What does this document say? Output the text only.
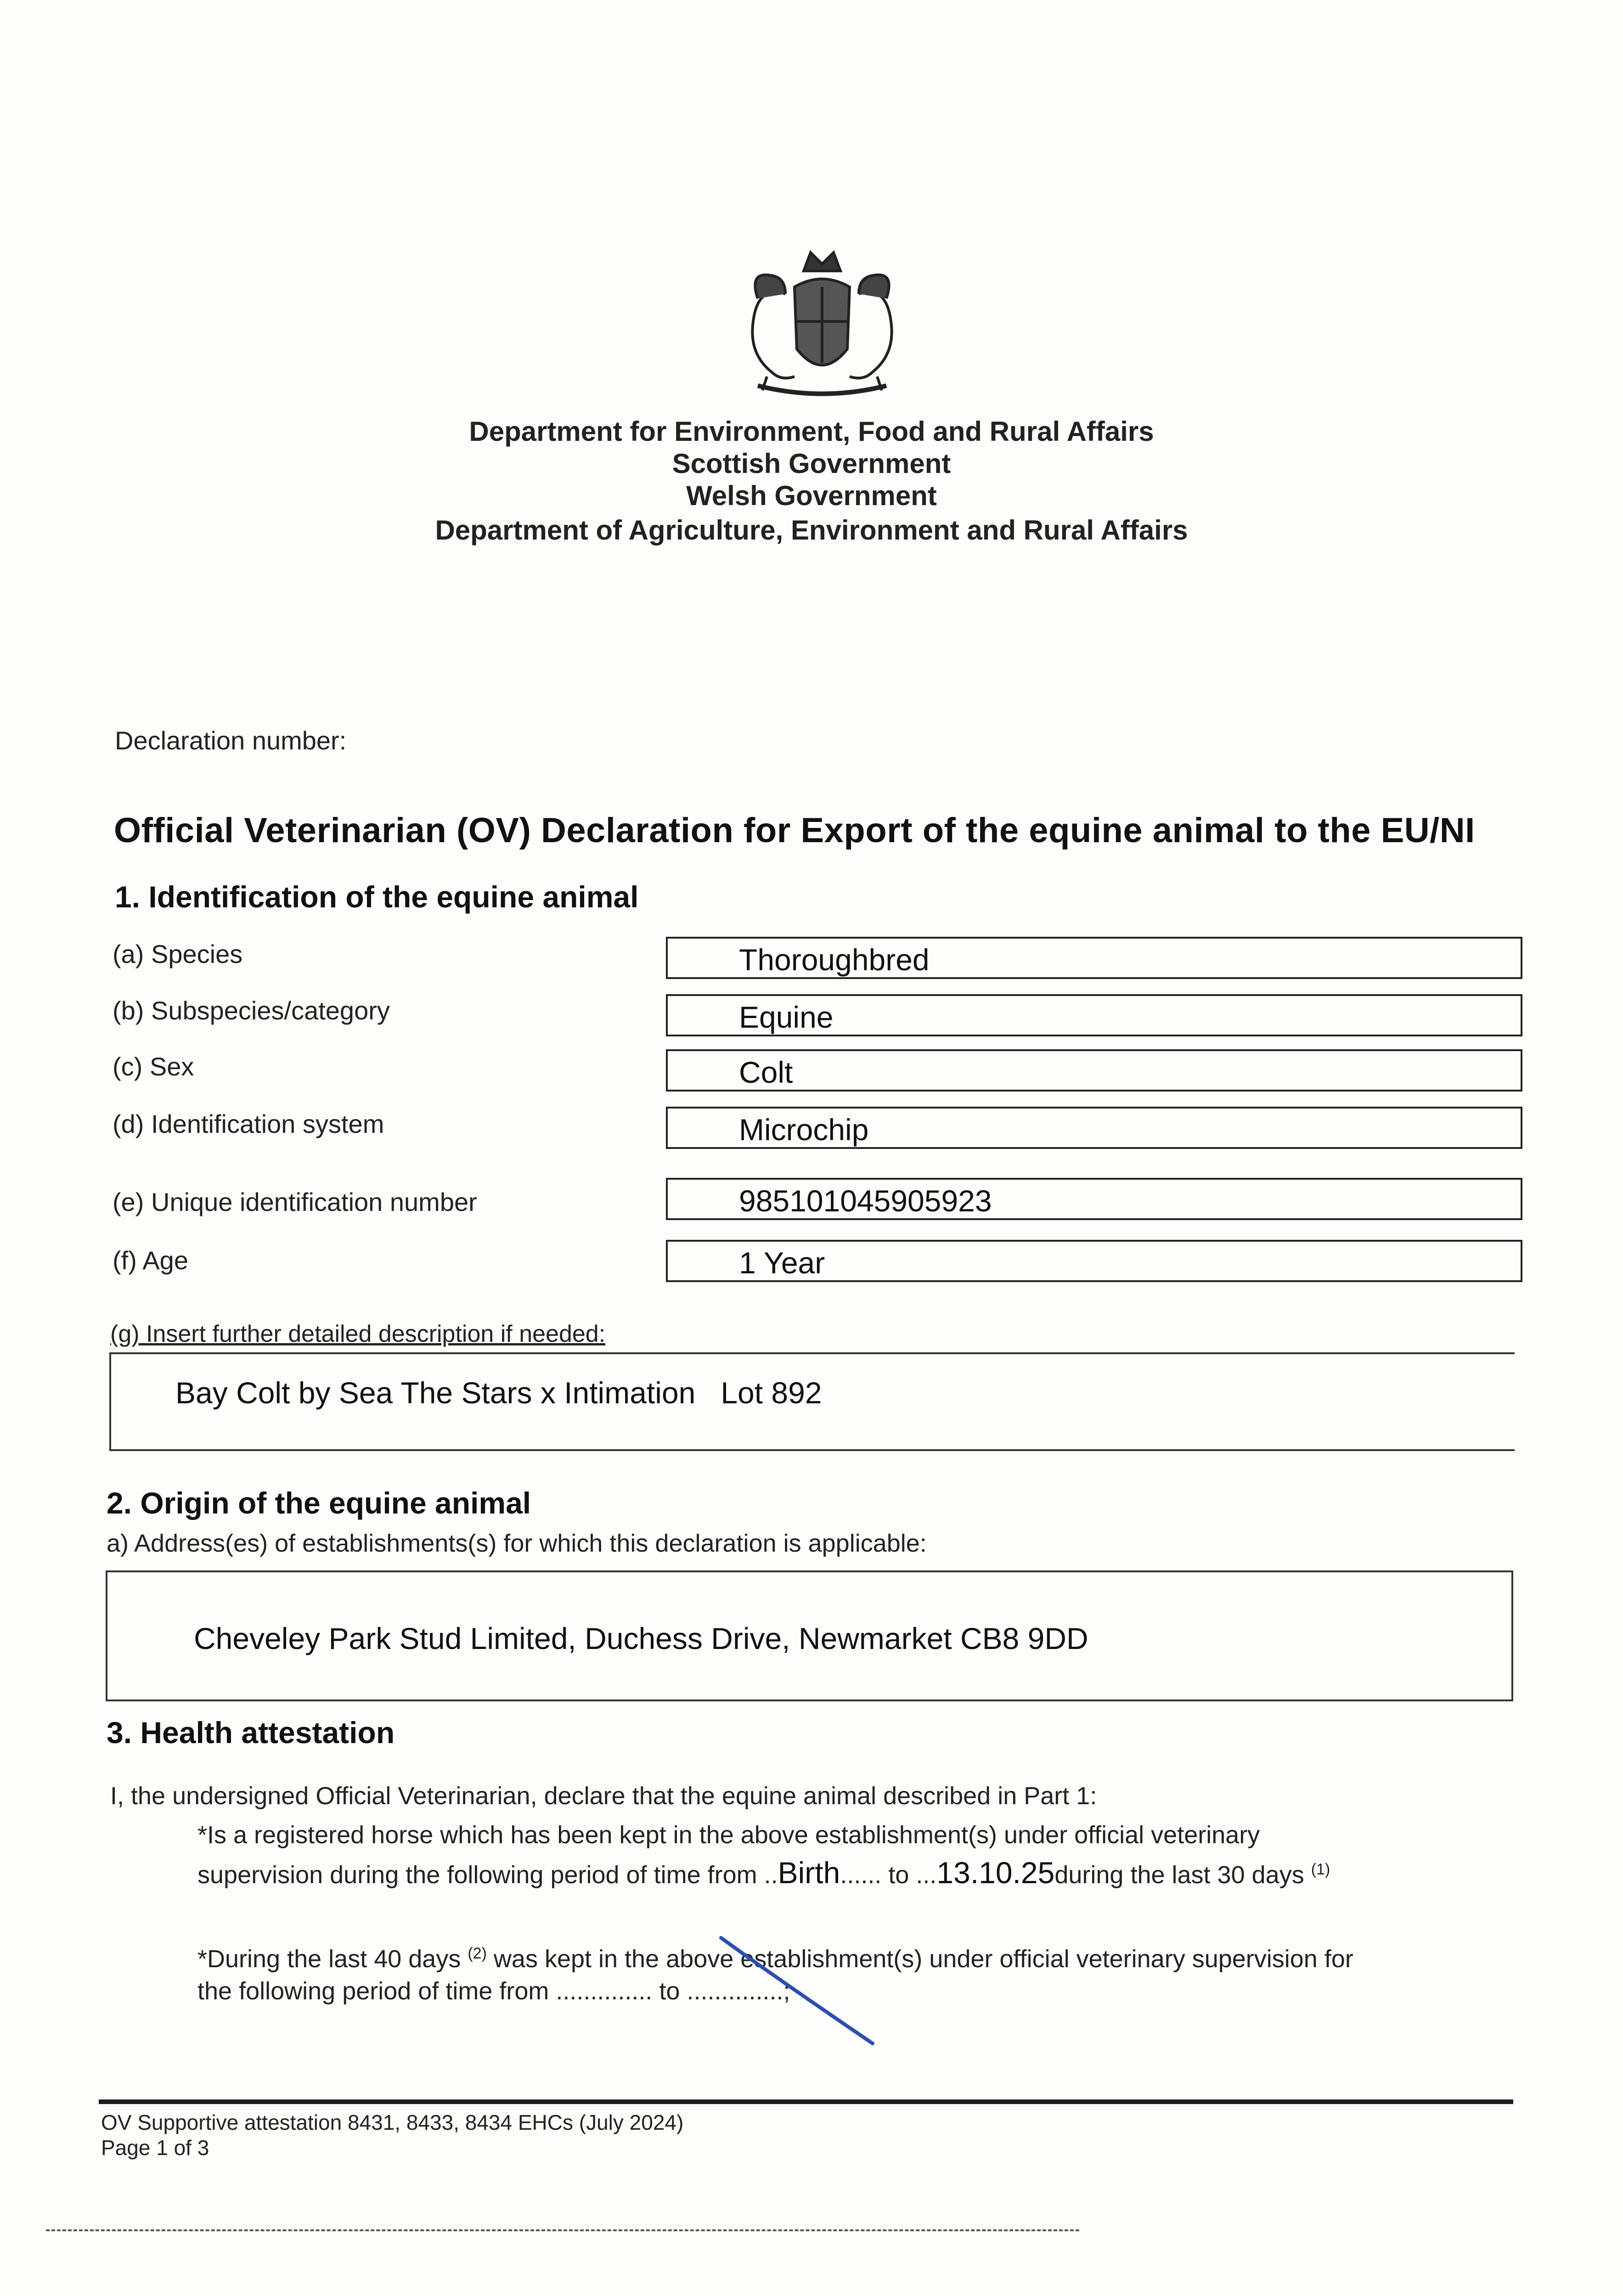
Department for Environment, Food and Rural Affairs
Scottish Government
Welsh Government
Department of Agriculture, Environment and Rural Affairs
Declaration number:
Official Veterinarian (OV) Declaration for Export of the equine animal to the EU/NI
1. Identification of the equine animal
(a) Species	Thoroughbred
(b) Subspecies/category	Equine
(c) Sex	Colt
(d) Identification system	Microchip
(e) Unique identification number	985101045905923
(f) Age	1 Year
(g) Insert further detailed description if needed:
Bay Colt by Sea The Stars x Intimation   Lot 892
2. Origin of the equine animal
a) Address(es) of establishments(s) for which this declaration is applicable:
Cheveley Park Stud Limited, Duchess Drive, Newmarket CB8 9DD
3. Health attestation
I, the undersigned Official Veterinarian, declare that the equine animal described in Part 1:
*Is a registered horse which has been kept in the above establishment(s) under official veterinary
supervision during the following period of time from ..Birth...... to ...13.10.25during the last 30 days $^{(1)}$
*During the last 40 days $^{(2)}$ was kept in the above establishment(s) under official veterinary supervision for
the following period of time from .............. to ..............;
OV Supportive attestation 8431, 8433, 8434 EHCs (July 2024)
Page 1 of 3
